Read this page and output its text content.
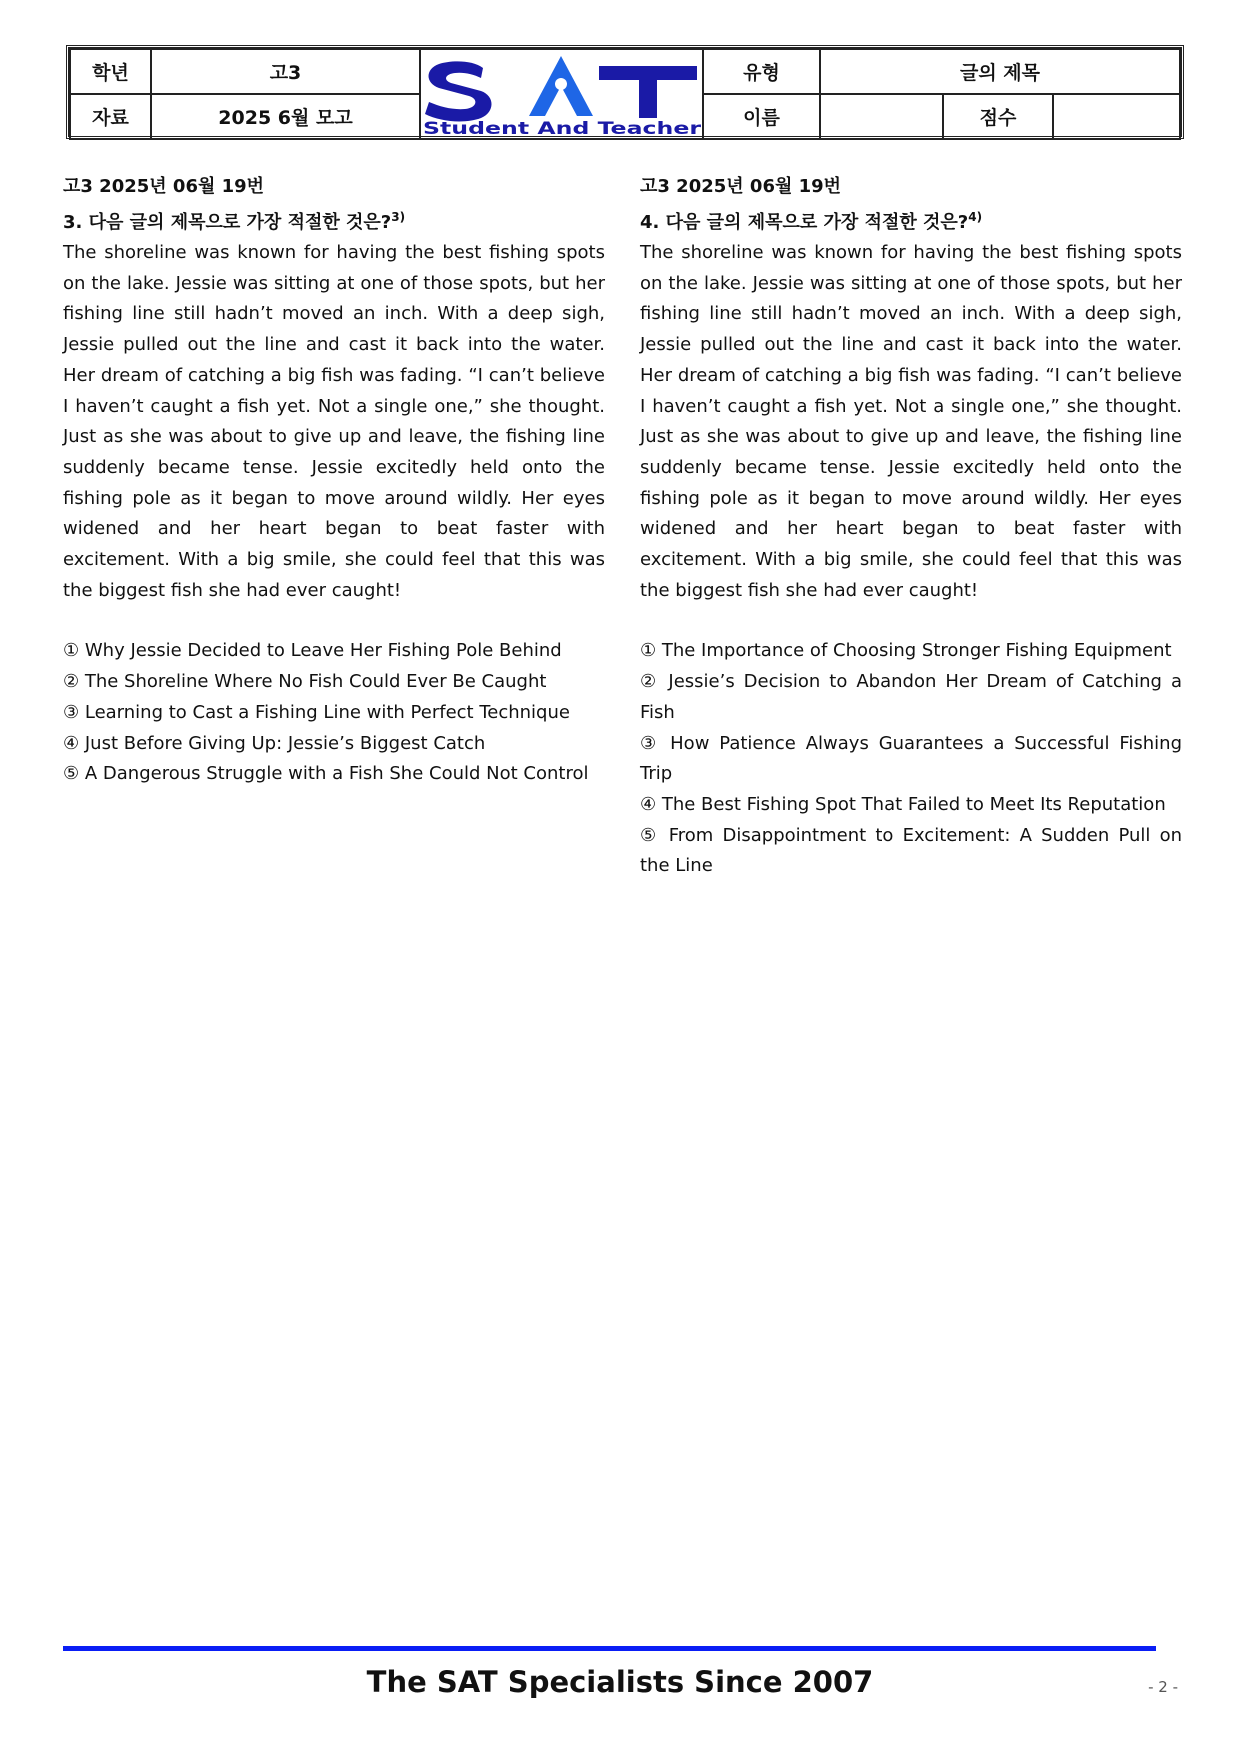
학년	고3	Student And Teacher	유형	글의 제목		
자료	2025 6월 모고		이름		점수	
고3 2025년 06월 19번
3. 다음 글의 제목으로 가장 적절한 것은?$^{3)}$
The shoreline was known for having the best fishing spots on the lake. Jessie was sitting at one of those spots, but her fishing line still hadn’t moved an inch. With a deep sigh, Jessie pulled out the line and cast it back into the water. Her dream of catching a big fish was fading. “I can’t believe I haven’t caught a fish yet. Not a single one,” she thought. Just as she was about to give up and leave, the fishing line suddenly became tense. Jessie excitedly held onto the fishing pole as it began to move around wildly. Her eyes widened and her heart began to beat faster with excitement. With a big smile, she could feel that this was the biggest fish she had ever caught!
① Why Jessie Decided to Leave Her Fishing Pole Behind
② The Shoreline Where No Fish Could Ever Be Caught
③ Learning to Cast a Fishing Line with Perfect Technique
④ Just Before Giving Up: Jessie’s Biggest Catch
⑤ A Dangerous Struggle with a Fish She Could Not Control
고3 2025년 06월 19번
4. 다음 글의 제목으로 가장 적절한 것은?$^{4)}$
The shoreline was known for having the best fishing spots on the lake. Jessie was sitting at one of those spots, but her fishing line still hadn’t moved an inch. With a deep sigh, Jessie pulled out the line and cast it back into the water. Her dream of catching a big fish was fading. “I can’t believe I haven’t caught a fish yet. Not a single one,” she thought. Just as she was about to give up and leave, the fishing line suddenly became tense. Jessie excitedly held onto the fishing pole as it began to move around wildly. Her eyes widened and her heart began to beat faster with excitement. With a big smile, she could feel that this was the biggest fish she had ever caught!
① The Importance of Choosing Stronger Fishing Equipment
② Jessie’s Decision to Abandon Her Dream of Catching a Fish
③ How Patience Always Guarantees a Successful Fishing Trip
④ The Best Fishing Spot That Failed to Meet Its Reputation
⑤ From Disappointment to Excitement: A Sudden Pull on the Line
The SAT Specialists Since 2007	- 2 -
